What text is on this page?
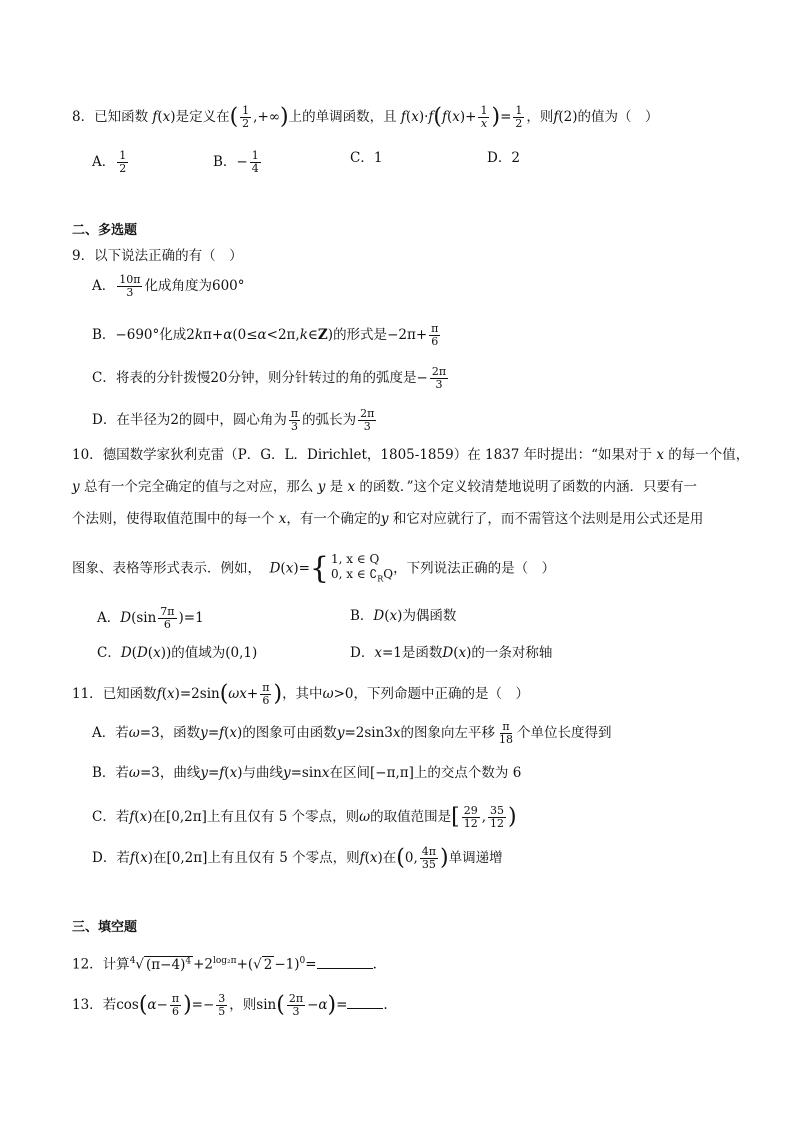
8．已知函数 f(x)是定义在( $\frac{1}{2}$ ,+∞)上的单调函数，且 $f(x)\cdot f(f(x)+ \frac{1}{x}$ )= $\frac{1}{2}$ ，则f(2)的值为（　）
A． $\frac{1}{2}$	B．− $\frac{1}{4}$	C．1	D．2
二、多选题
9．以下说法正确的有（　）
A． $\frac{10\pi}{3}$ 化成角度为600°
B．−690°化成2kπ+α(0≤α<2π,k∈Z)的形式是$-2\pi+ \frac{\pi}{6}$
C．将表的分针拨慢20分钟，则分针转过的角的弧度是− $\frac{2\pi}{3}$
D．在半径为2的圆中，圆心角为 $\frac{\pi}{3}$ 的弧长为 $\frac{2\pi}{3}$
10．德国数学家狄利克雷（P．G．L．Dirichlet，1805-1859）在 1837 年时提出：“如果对于 x 的每一个值，
y 总有一个完全确定的值与之对应，那么 y 是 x 的函数．”这个定义较清楚地说明了函数的内涵．只要有一
个法则，使得取值范围中的每一个 x，有一个确定的y 和它对应就行了，而不需管这个法则是用公式还是用
图象、表格等形式表示．例如， D(x)= { 1, x ∈ Q
0, x ∈ $∁_RQ$ ，下列说法正确的是（　）
A．$D(\sin \frac{7\pi}{6} )=1$	B．D(x)为偶函数
C．D(D(x))的值域为(0,1)	D．x=1是函数D(x)的一条对称轴
11．已知函数$f(x)=2\sin(\omega x+ \frac{\pi}{6}$ )，其中ω>0，下列命题中正确的是（　）
A．若ω=3，函数y=f(x)的图象可由函数y=2sin3x的图象向左平移 $\frac{\pi}{18}$ 个单位长度得到
B．若ω=3，曲线y=f(x)与曲线y=sinx在区间[−π,π]上的交点个数为 6
C．若f(x)在[0,2π]上有且仅有 5 个零点，则ω的取值范围是[ $\frac{29}{12}$ , $\frac{35}{12}$ )
D．若f(x)在[0,2π]上有且仅有 5 个零点，则f(x)在(0, $\frac{4\pi}{35}$ )单调递增
三、填空题
12．计算$^4$√ $(\pi-4)^4 +2^{log_2\pi}+(√$ 2 −1)$^0$=	.
13．若$\cos(\alpha- \frac{\pi}{6}$ )=− $\frac{3}{5}$ ，则$\sin( \frac{2\pi}{3} -\alpha)=$	.
